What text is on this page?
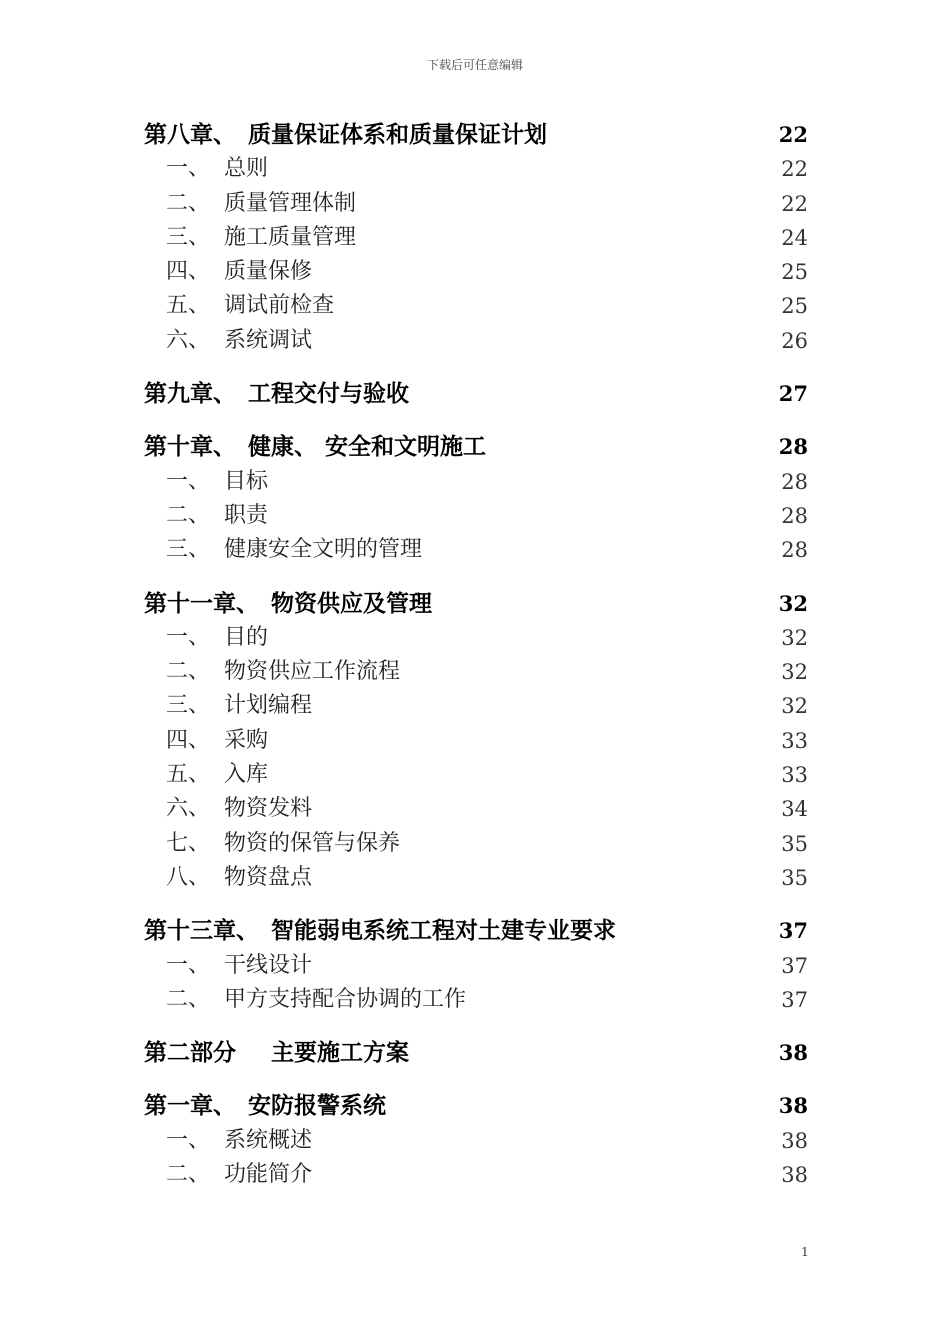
下载后可任意编辑
第八章、 质量保证体系和质量保证计划	22
一、 总则	22
二、 质量管理体制	22
三、 施工质量管理	24
四、 质量保修	25
五、 调试前检查	25
六、 系统调试	26
第九章、 工程交付与验收	27
第十章、 健康、 安全和文明施工	28
一、 目标	28
二、 职责	28
三、 健康安全文明的管理	28
第十一章、 物资供应及管理	32
一、 目的	32
二、 物资供应工作流程	32
三、 计划编程	32
四、 采购	33
五、 入库	33
六、 物资发料	34
七、 物资的保管与保养	35
八、 物资盘点	35
第十三章、 智能弱电系统工程对土建专业要求	37
一、 干线设计	37
二、 甲方支持配合协调的工作	37
第二部分 主要施工方案	38
第一章、 安防报警系统	38
一、 系统概述	38
二、 功能简介	38
1
